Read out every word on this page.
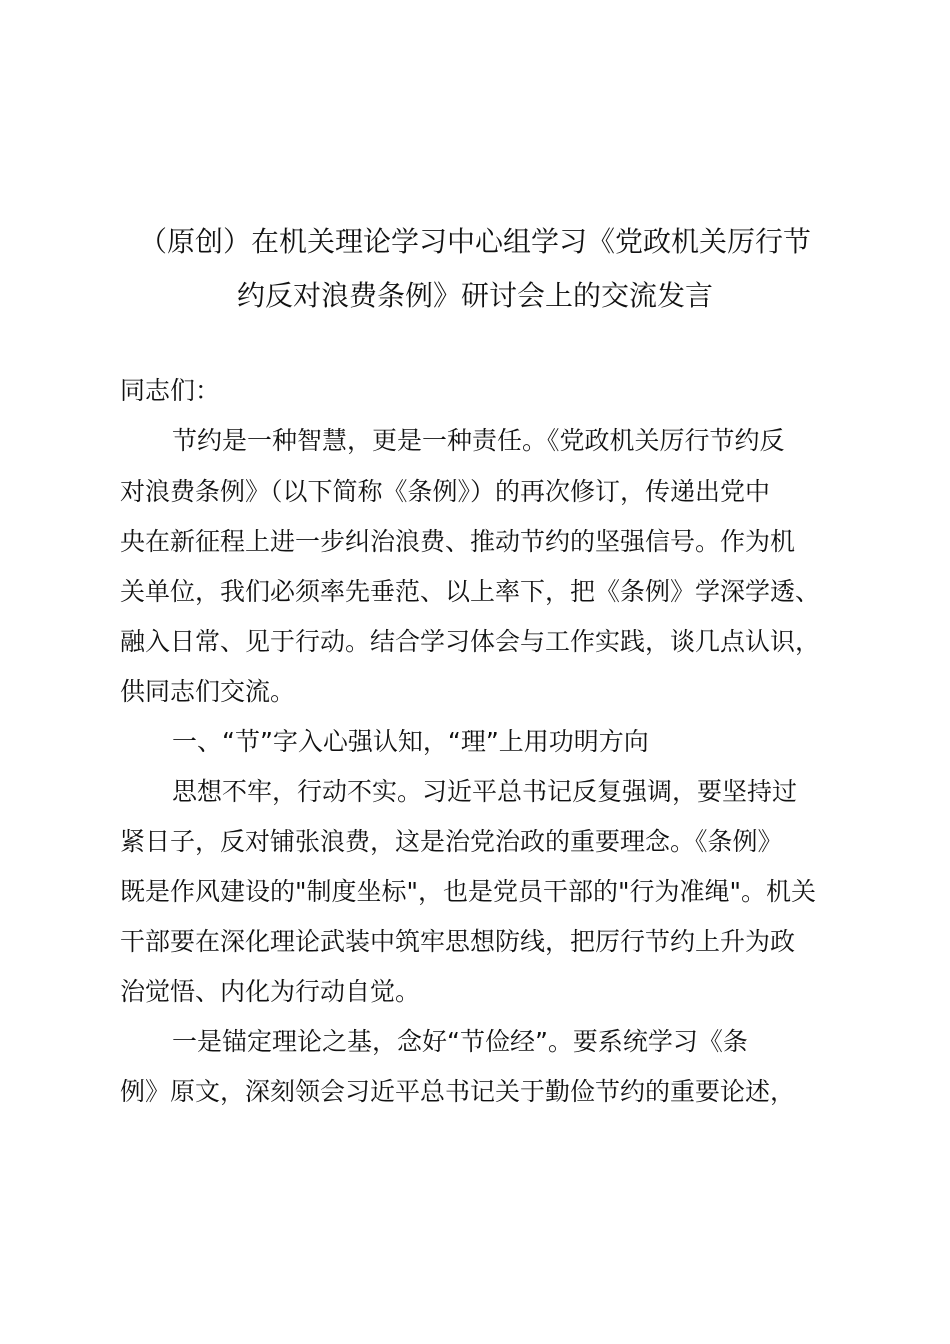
（原创）在机关理论学习中心组学习《党政机关厉行节
约反对浪费条例》研讨会上的交流发言

同志们：

节约是一种智慧，更是一种责任。《党政机关厉行节约反

对浪费条例》（以下简称《条例》）的再次修订，传递出党中

央在新征程上进一步纠治浪费、推动节约的坚强信号。作为机

关单位，我们必须率先垂范、以上率下，把《条例》学深学透、

融入日常、见于行动。结合学习体会与工作实践，谈几点认识，

供同志们交流。

一、“节”字入心强认知，“理”上用功明方向

思想不牢，行动不实。习近平总书记反复强调，要坚持过

紧日子，反对铺张浪费，这是治党治政的重要理念。《条例》

既是作风建设的"制度坐标"，也是党员干部的"行为准绳"。机关

干部要在深化理论武装中筑牢思想防线，把厉行节约上升为政

治觉悟、内化为行动自觉。

一是锚定理论之基，念好“节俭经”。要系统学习《条

例》原文，深刻领会习近平总书记关于勤俭节约的重要论述，
